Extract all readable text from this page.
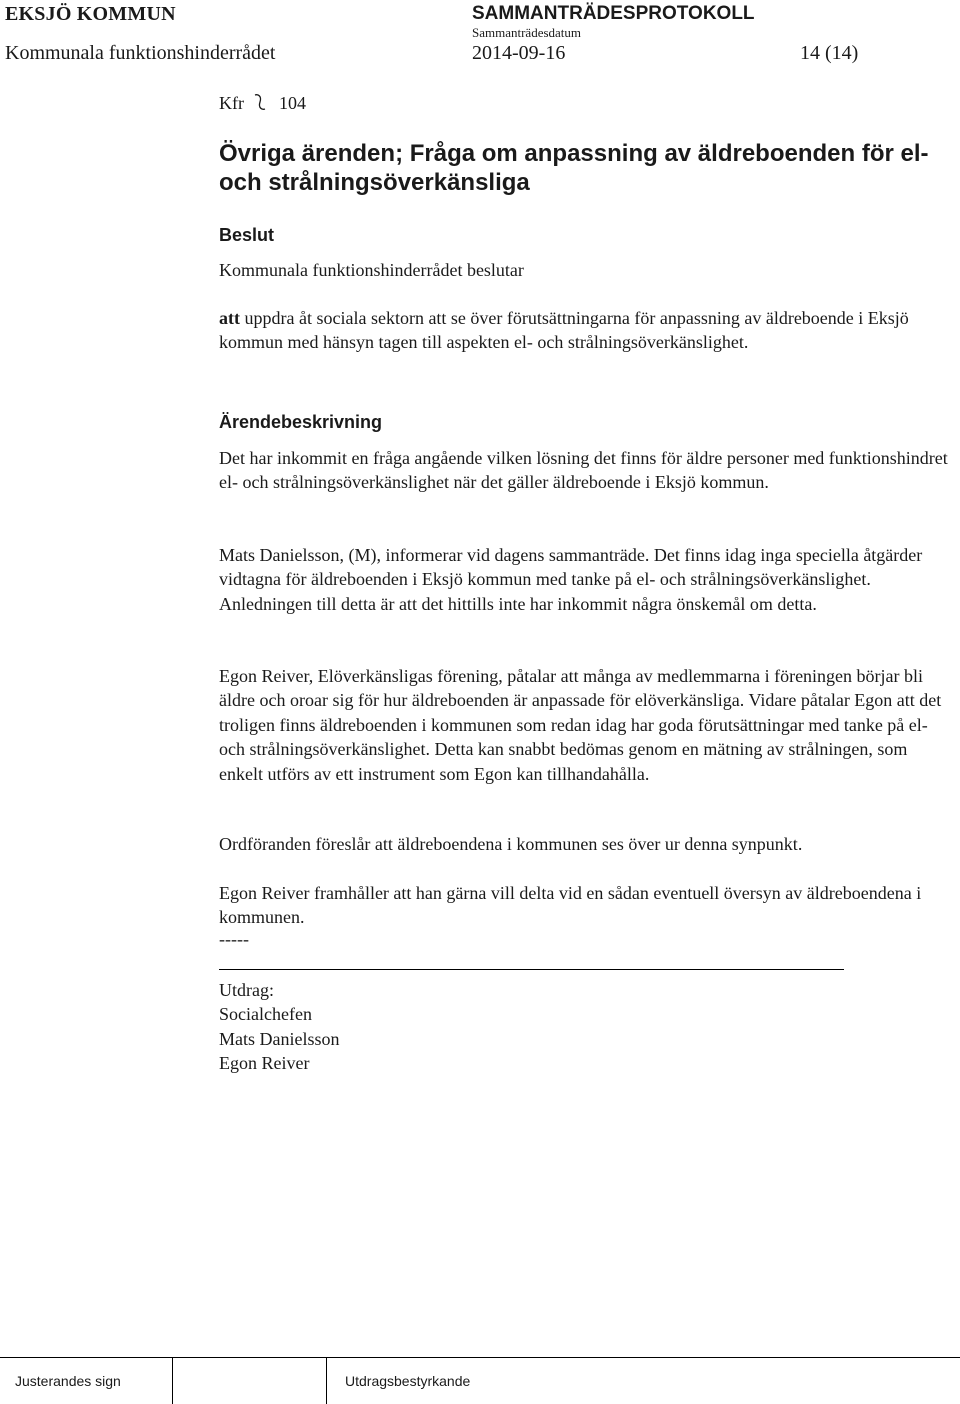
EKSJÖ KOMMUN	SAMMANTRÄDESPROTOKOLL
Sammanträdesdatum
Kommunala funktionshinderrådet	2014-09-16	14 (14)
Kfr 104
Övriga ärenden; Fråga om anpassning av äldreboenden för el- och strålningsöverkänsliga
Beslut
Kommunala funktionshinderrådet beslutar
att uppdra åt sociala sektorn att se över förutsättningarna för anpassning av äldreboende i Eksjö kommun med hänsyn tagen till aspekten el- och strålningsöverkänslighet.
Ärendebeskrivning
Det har inkommit en fråga angående vilken lösning det finns för äldre personer med funktionshindret el- och strålningsöverkänslighet när det gäller äldreboende i Eksjö kommun.
Mats Danielsson, (M), informerar vid dagens sammanträde. Det finns idag inga speciella åtgärder vidtagna för äldreboenden i Eksjö kommun med tanke på el- och strålningsöverkänslighet. Anledningen till detta är att det hittills inte har inkommit några önskemål om detta.
Egon Reiver, Elöverkänsligas förening, påtalar att många av medlemmarna i föreningen börjar bli äldre och oroar sig för hur äldreboenden är anpassade för elöverkänsliga. Vidare påtalar Egon att det troligen finns äldreboenden i kommunen som redan idag har goda förutsättningar med tanke på el- och strålningsöverkänslighet. Detta kan snabbt bedömas genom en mätning av strålningen, som enkelt utförs av ett instrument som Egon kan tillhandahålla.
Ordföranden föreslår att äldreboendena i kommunen ses över ur denna synpunkt.
Egon Reiver framhåller att han gärna vill delta vid en sådan eventuell översyn av äldreboendena i kommunen.
-----
Utdrag:
Socialchefen
Mats Danielsson
Egon Reiver
Justerandes sign	Utdragsbestyrkande
